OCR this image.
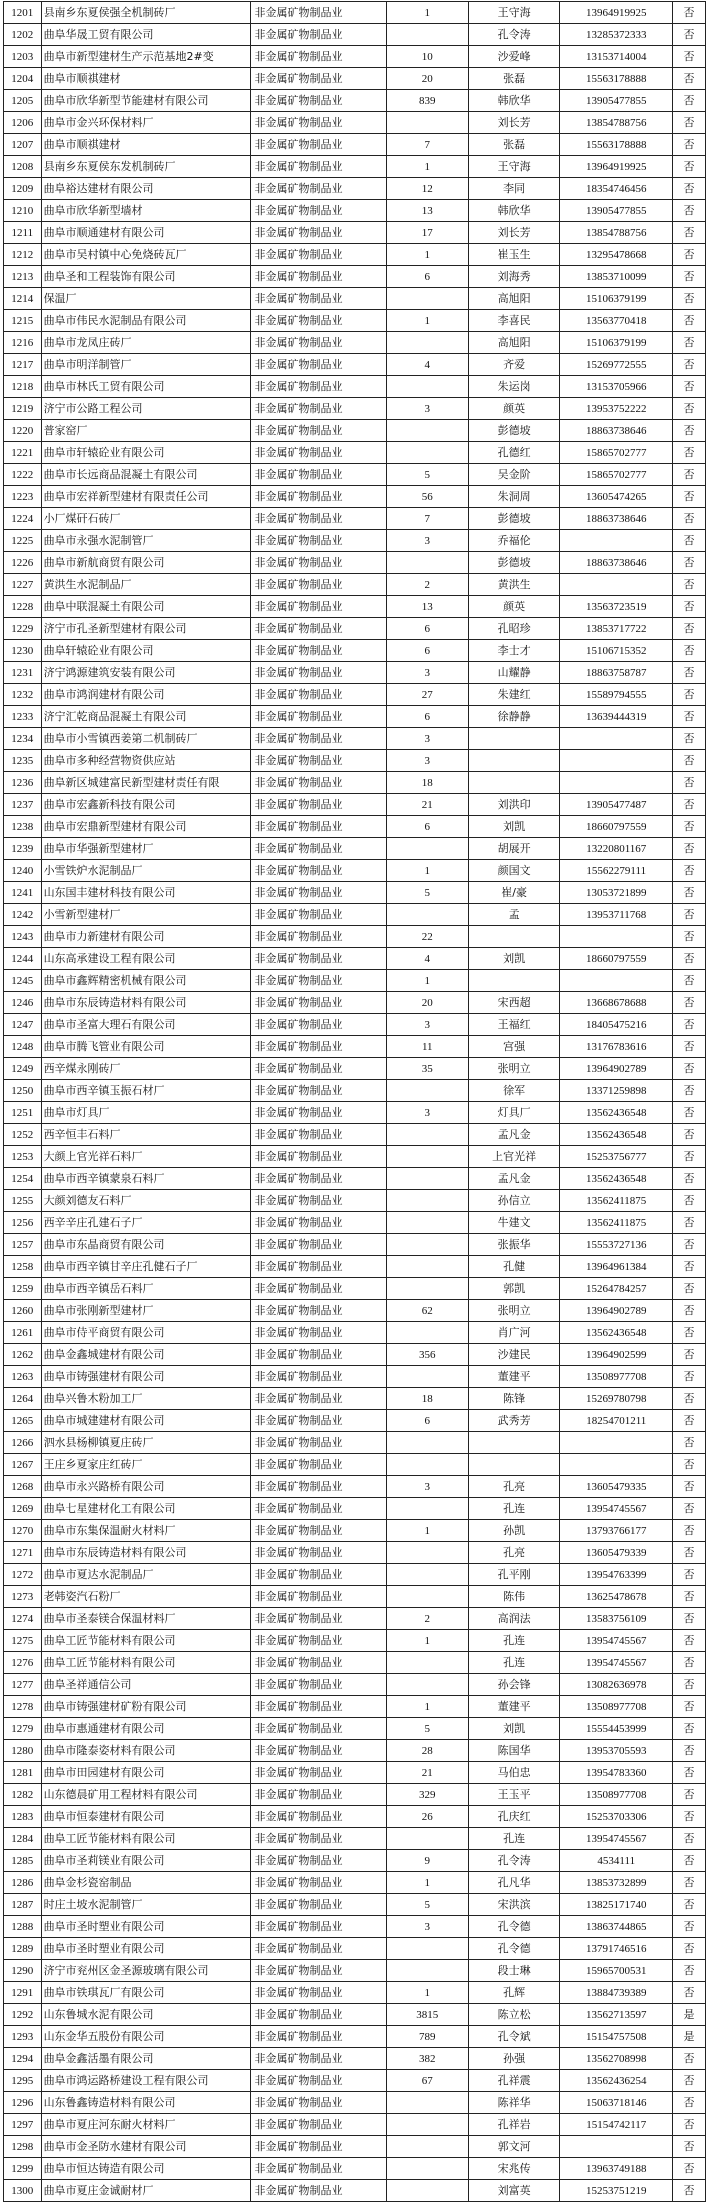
1201	县南乡东夏侯强全机制砖厂	非金属矿物制品业	1	王守海	13964919925	否
1202	曲阜华晟工贸有限公司	非金属矿物制品业		孔令涛	13285372333	否
1203	曲阜市新型建材生产示范基地2#变	非金属矿物制品业	10	沙爱峰	13153714004	否
1204	曲阜市顺祺建材	非金属矿物制品业	20	张磊	15563178888	否
1205	曲阜市欣华新型节能建材有限公司	非金属矿物制品业	839	韩欣华	13905477855	否
1206	曲阜市金兴环保材料厂	非金属矿物制品业		刘长芳	13854788756	否
1207	曲阜市顺祺建材	非金属矿物制品业	7	张磊	15563178888	否
1208	县南乡东夏侯东发机制砖厂	非金属矿物制品业	1	王守海	13964919925	否
1209	曲阜裕达建材有限公司	非金属矿物制品业	12	李同	18354746456	否
1210	曲阜市欣华新型墙材	非金属矿物制品业	13	韩欣华	13905477855	否
1211	曲阜市顺通建材有限公司	非金属矿物制品业	17	刘长芳	13854788756	否
1212	曲阜市吴村镇中心免烧砖瓦厂	非金属矿物制品业	1	崔玉生	13295478668	否
1213	曲阜圣和工程装饰有限公司	非金属矿物制品业	6	刘海秀	13853710099	否
1214	保温厂	非金属矿物制品业		高旭阳	15106379199	否
1215	曲阜市伟民水泥制品有限公司	非金属矿物制品业	1	李喜民	13563770418	否
1216	曲阜市龙凤庄砖厂	非金属矿物制品业		高旭阳	15106379199	否
1217	曲阜市明洋制管厂	非金属矿物制品业	4	齐爱	15269772555	否
1218	曲阜市林氏工贸有限公司	非金属矿物制品业		朱运岗	13153705966	否
1219	济宁市公路工程公司	非金属矿物制品业	3	颜英	13953752222	否
1220	普家窑厂	非金属矿物制品业		彭德坡	18863738646	否
1221	曲阜市轩辕砼业有限公司	非金属矿物制品业		孔德红	15865702777	否
1222	曲阜市长远商品混凝土有限公司	非金属矿物制品业	5	吴金阶	15865702777	否
1223	曲阜市宏祥新型建材有限责任公司	非金属矿物制品业	56	朱洞周	13605474265	否
1224	小厂煤矸石砖厂	非金属矿物制品业	7	彭德坡	18863738646	否
1225	曲阜市永强水泥制管厂	非金属矿物制品业	3	乔福伦		否
1226	曲阜市新航商贸有限公司	非金属矿物制品业		彭德坡	18863738646	否
1227	黄洪生水泥制品厂	非金属矿物制品业	2	黄洪生		否
1228	曲阜中联混凝土有限公司	非金属矿物制品业	13	颜英	13563723519	否
1229	济宁市孔圣新型建材有限公司	非金属矿物制品业	6	孔昭珍	13853717722	否
1230	曲阜轩辕砼业有限公司	非金属矿物制品业	6	李士才	15106715352	否
1231	济宁鸿源建筑安装有限公司	非金属矿物制品业	3	山耀静	18863758787	否
1232	曲阜市鸿润建材有限公司	非金属矿物制品业	27	朱建红	15589794555	否
1233	济宁汇乾商品混凝土有限公司	非金属矿物制品业	6	徐静静	13639444319	否
1234	曲阜市小雪镇西姜第二机制砖厂	非金属矿物制品业	3			否
1235	曲阜市多种经营物资供应站	非金属矿物制品业	3			否
1236	曲阜新区城建富民新型建材责任有限	非金属矿物制品业	18			否
1237	曲阜市宏鑫新科技有限公司	非金属矿物制品业	21	刘洪印	13905477487	否
1238	曲阜市宏鼎新型建材有限公司	非金属矿物制品业	6	刘凯	18660797559	否
1239	曲阜市华强新型建材厂	非金属矿物制品业		胡展开	13220801167	否
1240	小雪铁炉水泥制品厂	非金属矿物制品业	1	颜国文	15562279111	否
1241	山东国丰建材科技有限公司	非金属矿物制品业	5	崔/豪	13053721899	否
1242	小雪新型建材厂	非金属矿物制品业		孟	13953711768	否
1243	曲阜市力新建材有限公司	非金属矿物制品业	22			否
1244	山东高承建设工程有限公司	非金属矿物制品业	4	刘凯	18660797559	否
1245	曲阜市鑫辉精密机械有限公司	非金属矿物制品业	1			否
1246	曲阜市东辰铸造材料有限公司	非金属矿物制品业	20	宋西超	13668678688	否
1247	曲阜市圣富大理石有限公司	非金属矿物制品业	3	王福红	18405475216	否
1248	曲阜市腾飞管业有限公司	非金属矿物制品业	11	宫强	13176783616	否
1249	西辛煤永刚砖厂	非金属矿物制品业	35	张明立	13964902789	否
1250	曲阜市西辛镇玉振石材厂	非金属矿物制品业		徐军	13371259898	否
1251	曲阜市灯具厂	非金属矿物制品业	3	灯具厂	13562436548	否
1252	西辛恒丰石料厂	非金属矿物制品业		孟凡金	13562436548	否
1253	大颜上官光祥石料厂	非金属矿物制品业		上官光祥	15253756777	否
1254	曲阜市西辛镇蒙泉石料厂	非金属矿物制品业		孟凡金	13562436548	否
1255	大颜刘德友石料厂	非金属矿物制品业		孙信立	13562411875	否
1256	西辛辛庄孔建石子厂	非金属矿物制品业		牛建文	13562411875	否
1257	曲阜市东晶商贸有限公司	非金属矿物制品业		张振华	15553727136	否
1258	曲阜市西辛镇甘辛庄孔健石子厂	非金属矿物制品业		孔健	13964961384	否
1259	曲阜市西辛镇岳石料厂	非金属矿物制品业		郭凯	15264784257	否
1260	曲阜市张刚新型建材厂	非金属矿物制品业	62	张明立	13964902789	否
1261	曲阜市侍平商贸有限公司	非金属矿物制品业		肖广河	13562436548	否
1262	曲阜金鑫城建材有限公司	非金属矿物制品业	356	沙建民	13964902599	否
1263	曲阜市铸强建材有限公司	非金属矿物制品业		董建平	13508977708	否
1264	曲阜兴鲁木粉加工厂	非金属矿物制品业	18	陈锋	15269780798	否
1265	曲阜市城建建材有限公司	非金属矿物制品业	6	武秀芳	18254701211	否
1266	泗水县杨柳镇夏庄砖厂	非金属矿物制品业				否
1267	王庄乡夏家庄红砖厂	非金属矿物制品业				否
1268	曲阜市永兴路桥有限公司	非金属矿物制品业	3	孔亮	13605479335	否
1269	曲阜七星建材化工有限公司	非金属矿物制品业		孔连	13954745567	否
1270	曲阜市东集保温耐火材料厂	非金属矿物制品业	1	孙凯	13793766177	否
1271	曲阜市东辰铸造材料有限公司	非金属矿物制品业		孔亮	13605479339	否
1272	曲阜市夏达水泥制品厂	非金属矿物制品业		孔平刚	13954763399	否
1273	老韩姿汽石粉厂	非金属矿物制品业		陈伟	13625478678	否
1274	曲阜市圣泰镁合保温材料厂	非金属矿物制品业	2	高润法	13583756109	否
1275	曲阜工匠节能材料有限公司	非金属矿物制品业	1	孔连	13954745567	否
1276	曲阜工匠节能材料有限公司	非金属矿物制品业		孔连	13954745567	否
1277	曲阜圣祥通信公司	非金属矿物制品业		孙会锋	13082636978	否
1278	曲阜市铸强建材矿粉有限公司	非金属矿物制品业	1	董建平	13508977708	否
1279	曲阜市惠通建材有限公司	非金属矿物制品业	5	刘凯	15554453999	否
1280	曲阜市隆泰姿材料有限公司	非金属矿物制品业	28	陈国华	13953705593	否
1281	曲阜市田园建材有限公司	非金属矿物制品业	21	马伯忠	13954783360	否
1282	山东德晨矿用工程材料有限公司	非金属矿物制品业	329	王玉平	13508977708	否
1283	曲阜市恒泰建材有限公司	非金属矿物制品业	26	孔庆红	15253703306	否
1284	曲阜工匠节能材料有限公司	非金属矿物制品业		孔连	13954745567	否
1285	曲阜市圣莉镁业有限公司	非金属矿物制品业	9	孔令涛	4534111	否
1286	曲阜金杉瓷窑制品	非金属矿物制品业	1	孔凡华	13853732899	否
1287	时庄土坡水泥制管厂	非金属矿物制品业	5	宋洪滨	13825171740	否
1288	曲阜市圣时塑业有限公司	非金属矿物制品业	3	孔令德	13863744865	否
1289	曲阜市圣时塑业有限公司	非金属矿物制品业		孔令德	13791746516	否
1290	济宁市兖州区金圣源玻璃有限公司	非金属矿物制品业		段士琳	15965700531	否
1291	曲阜市铁琪瓦厂有限公司	非金属矿物制品业	1	孔辉	13884739389	否
1292	山东鲁城水泥有限公司	非金属矿物制品业	3815	陈立松	13562713597	是
1293	山东金华五股份有限公司	非金属矿物制品业	789	孔令斌	15154757508	是
1294	曲阜金鑫活墨有限公司	非金属矿物制品业	382	孙强	13562708998	否
1295	曲阜市鸿运路桥建设工程有限公司	非金属矿物制品业	67	孔祥震	13562436254	否
1296	山东鲁鑫铸造材料有限公司	非金属矿物制品业		陈祥华	15063718146	否
1297	曲阜市夏庄河东耐火材料厂	非金属矿物制品业		孔祥岩	15154742117	否
1298	曲阜市金圣防水建材有限公司	非金属矿物制品业		郭文河		否
1299	曲阜市恒达铸造有限公司	非金属矿物制品业		宋兆传	13963749188	否
1300	曲阜市夏庄金诚耐材厂	非金属矿物制品业		刘富英	15253751219	否
